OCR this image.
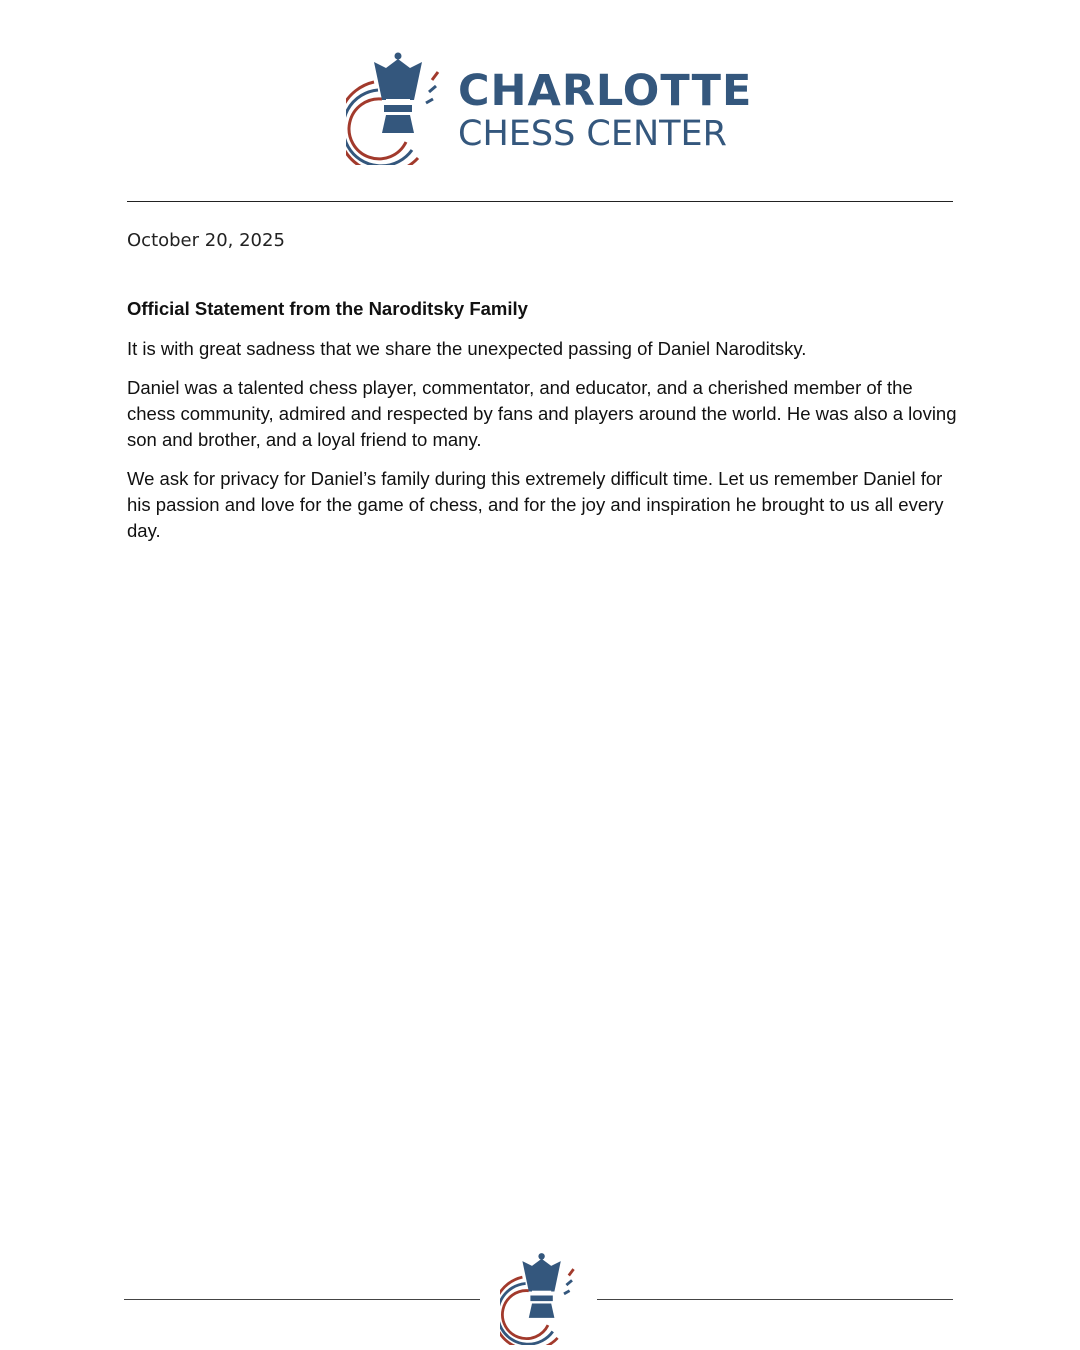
CHARLOTTE
CHESS CENTER
October 20, 2025

Official Statement from the Naroditsky Family

It is with great sadness that we share the unexpected passing of Daniel Naroditsky.

Daniel was a talented chess player, commentator, and educator, and a cherished member of the chess community, admired and respected by fans and players around the world. He was also a loving son and brother, and a loyal friend to many.

We ask for privacy for Daniel’s family during this extremely difficult time. Let us remember Daniel for his passion and love for the game of chess, and for the joy and inspiration he brought to us all every day.
